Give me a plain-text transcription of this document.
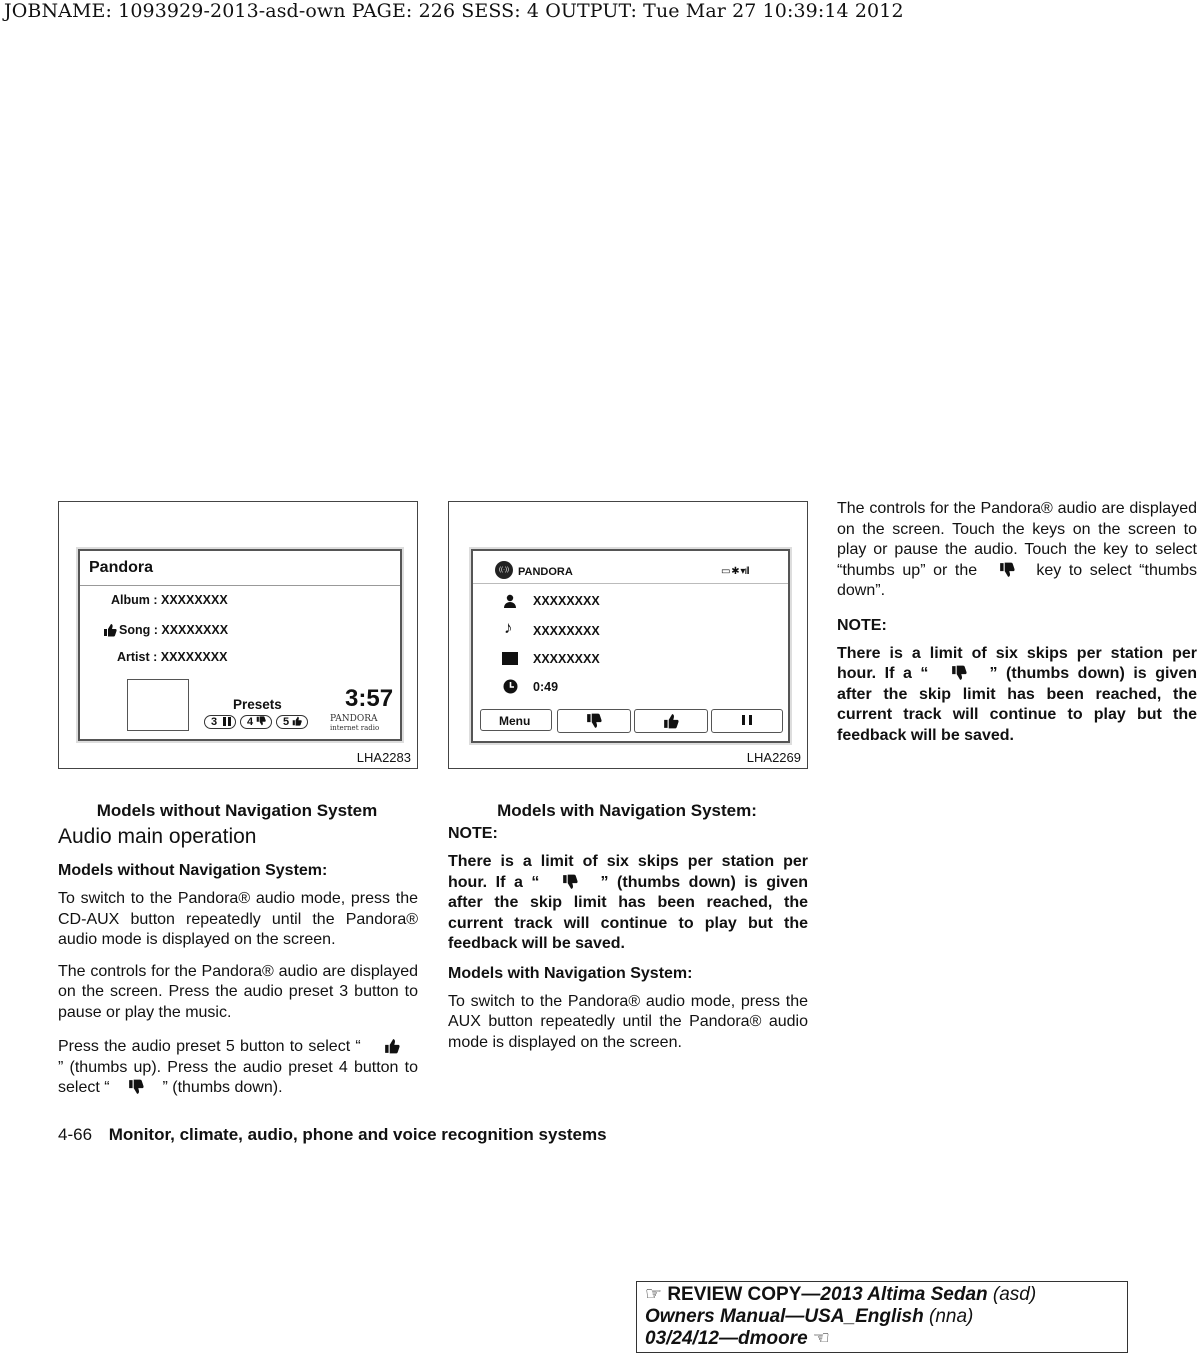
JOBNAME: 1093929-2013-asd-own PAGE: 226 SESS: 4 OUTPUT: Tue Mar 27 10:39:14 2012
Pandora
Album : XXXXXXXX
Song : XXXXXXXX
Artist : XXXXXXXX
Presets	3:57
3	4	5	PANDORA
internet radio
LHA2283
Models without Navigation System
((·)) PANDORA	▭ ✱ ▾ıll
XXXXXXXX
♪ XXXXXXXX
XXXXXXXX
0:49
Menu
LHA2269
Models with Navigation System:
Audio main operation
Models without Navigation System:
To switch to the Pandora® audio mode, press the CD-AUX button repeatedly until the Pandora® audio mode is displayed on the screen.
The controls for the Pandora® audio are displayed on the screen. Press the audio preset 3 button to pause or play the music.
Press the audio preset 5 button to select “  ” (thumbs up). Press the audio preset 4 button to select “	” (thumbs down).
NOTE:
There is a limit of six skips per station per hour. If a “	” (thumbs down) is given after the skip limit has been reached, the current track will continue to play but the feedback will be saved.
Models with Navigation System:
To switch to the Pandora® audio mode, press the AUX button repeatedly until the Pandora® audio mode is displayed on the screen.
The controls for the Pandora® audio are displayed on the screen. Touch the keys on the screen to play or pause the audio. Touch the key to select “thumbs up” or the	key to select “thumbs down”.
NOTE:
There is a limit of six skips per station per hour. If a “	” (thumbs down) is given after the skip limit has been reached, the current track will continue to play but the feedback will be saved.
4-66 Monitor, climate, audio, phone and voice recognition systems
☞ REVIEW COPY—2013 Altima Sedan (asd)
Owners Manual—USA_English (nna)
03/24/12—dmoore ☜
